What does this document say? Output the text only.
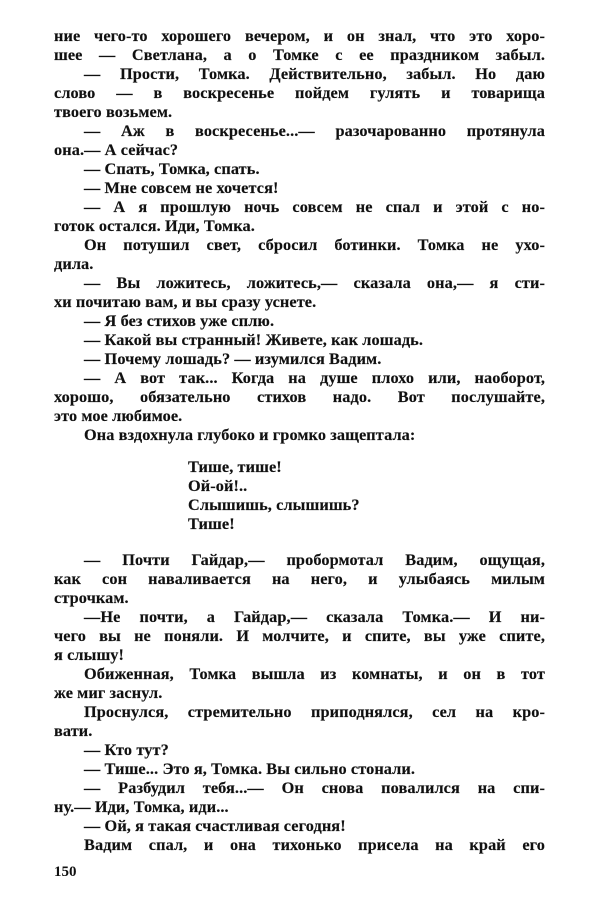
150
ние чего-то хорошего вечером, и он знал, что это хоро-
шее — Светлана, а о Томке с ее праздником забыл.
— Прости, Томка. Действительно, забыл. Но даю
слово — в воскресенье пойдем гулять и товарища
твоего возьмем.
— Аж в воскресенье...— разочарованно протянула
она.— А сейчас?
— Спать, Томка, спать.
— Мне совсем не хочется!
— А я прошлую ночь совсем не спал и этой с но-
готок остался. Иди, Томка.
Он потушил свет, сбросил ботинки. Томка не ухо-
дила.
— Вы ложитесь, ложитесь,— сказала она,— я сти-
хи почитаю вам, и вы сразу уснете.
— Я без стихов уже сплю.
— Какой вы странный! Живете, как лошадь.
— Почему лошадь? — изумился Вадим.
— А вот так... Когда на душе плохо или, наоборот,
хорошо, обязательно стихов надо. Вот послушайте,
это мое любимое.
Она вздохнула глубоко и громко защептала:
Тише, тише!
Ой-ой!..
Слышишь, слышишь?
Тише!
— Почти Гайдар,— пробормотал Вадим, ощущая,
как сон наваливается на него, и улыбаясь милым
строчкам.
—Не почти, а Гайдар,— сказала Томка.— И ни-
чего вы не поняли. И молчите, и спите, вы уже спите,
я слышу!
Обиженная, Томка вышла из комнаты, и он в тот
же миг заснул.
Проснулся, стремительно приподнялся, сел на кро-
вати.
— Кто тут?
— Тише... Это я, Томка. Вы сильно стонали.
— Разбудил тебя...— Он снова повалился на спи-
ну.— Иди, Томка, иди...
— Ой, я такая счастливая сегодня!
Вадим спал, и она тихонько присела на край его
